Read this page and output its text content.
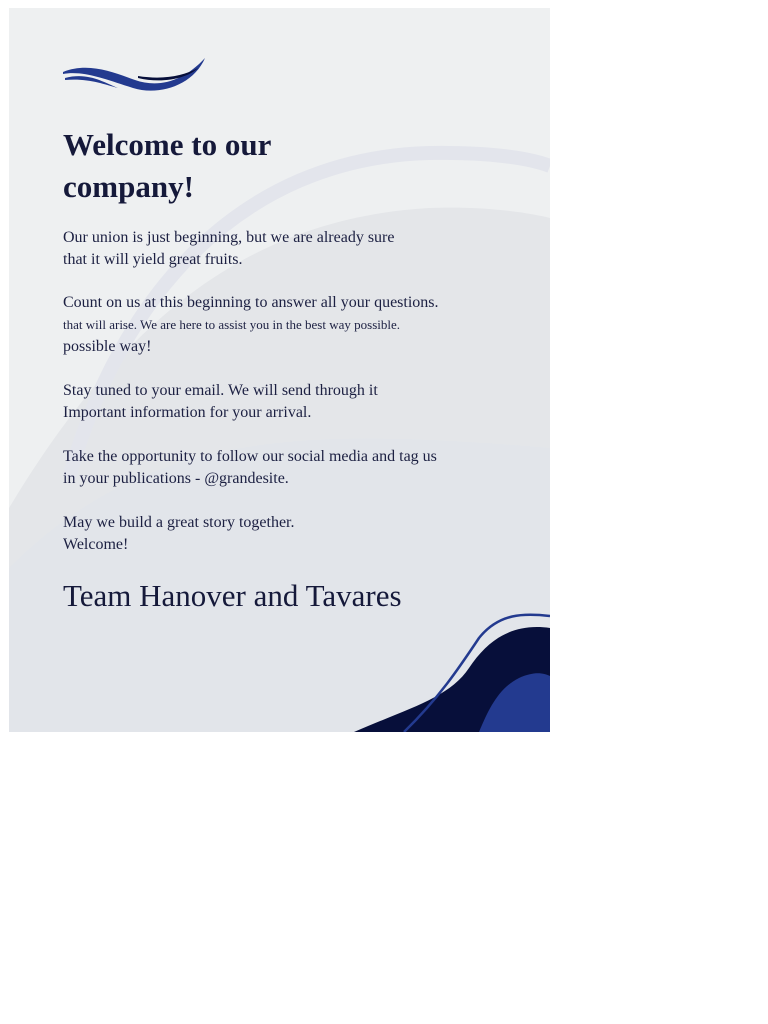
Welcome to our
company!

Our union is just beginning, but we are already sure
that it will yield great fruits.

Count on us at this beginning to answer all your questions.
that will arise. We are here to assist you in the best way possible.
possible way!

Stay tuned to your email. We will send through it
Important information for your arrival.

Take the opportunity to follow our social media and tag us
in your publications - @grandesite.

May we build a great story together.
Welcome!

Team Hanover and Tavares
